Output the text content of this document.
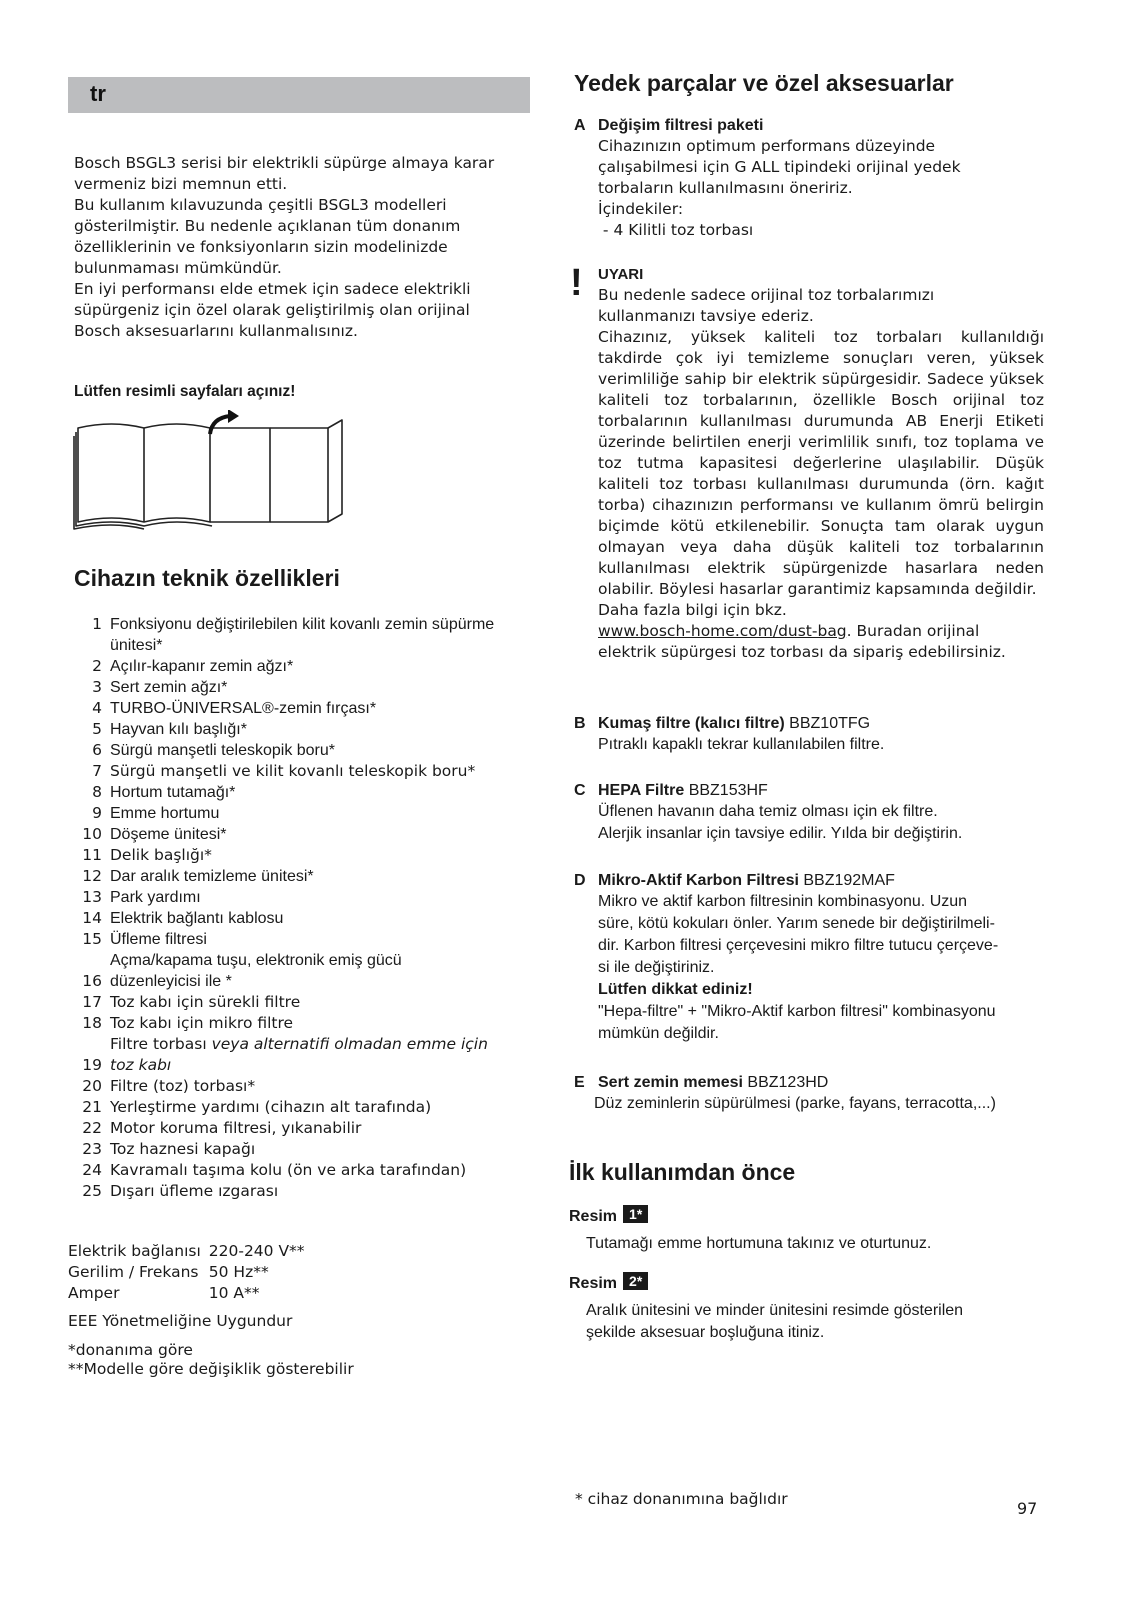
tr

Bosch BSGL3 serisi bir elektrikli süpürge almaya karar

vermeniz bizi memnun etti.

Bu kullanım kılavuzunda çeşitli BSGL3 modelleri

gösterilmiştir. Bu nedenle açıklanan tüm donanım

özelliklerinin ve fonksiyonların sizin modelinizde

bulunmaması mümkündür.

En iyi performansı elde etmek için sadece elektrikli

süpürgeniz için özel olarak geliştirilmiş olan orijinal

Bosch aksesuarlarını kullanmalısınız.

Lütfen resimli sayfaları açınız!
Cihazın teknik özellikleri
1 Fonksiyonu değiştirilebilen kilit kovanlı zemin süpürme
ünitesi*
2 Açılır-kapanır zemin ağzı*
3 Sert zemin ağzı*
4 TURBO-ÜNIVERSAL®-zemin fırçası*
5 Hayvan kılı başlığı*
6 Sürgü manşetli teleskopik boru*
7 Sürgü manşetli ve kilit kovanlı teleskopik boru*
8 Hortum tutamağı*
9 Emme hortumu
10 Döşeme ünitesi*
11 Delik başlığı*
12 Dar aralık temizleme ünitesi*
13 Park yardımı
14 Elektrik bağlantı kablosu
15 Üfleme filtresi
Açma/kapama tuşu, elektronik emiş gücü
16 düzenleyicisi ile *
17 Toz kabı için sürekli filtre
18 Toz kabı için mikro filtre
Filtre torbası veya alternatifi olmadan emme için
19 toz kabı
20 Filtre (toz) torbası*
21 Yerleştirme yardımı (cihazın alt tarafında)
22 Motor koruma filtresi, yıkanabilir
23 Toz haznesi kapağı
24 Kavramalı taşıma kolu (ön ve arka tarafından)
25 Dışarı üfleme ızgarası
Elektrik bağlanısı	220-240 V**
Gerilim / Frekans	50 Hz**
Amper	10 A**
EEE Yönetmeliğine Uygundur
*donanıma göre
**Modelle göre değişiklik gösterebilir
Yedek parçalar ve özel aksesuarlar
A Değişim filtresi paketi
Cihazınızın optimum performans düzeyinde
çalışabilmesi için G ALL tipindeki orijinal yedek
torbaların kullanılmasını öneririz.
İçindekiler:
- 4 Kilitli toz torbası
! UYARI
Bu nedenle sadece orijinal toz torbalarımızı
kullanmanızı tavsiye ederiz.
Cihazınız, yüksek kaliteli toz torbaları kullanıldığı takdirde çok iyi temizleme sonuçları veren, yüksek verimliliğe sahip bir elektrik süpürgesidir. Sadece yüksek kaliteli toz torbalarının, özellikle Bosch orijinal toz torbalarının kullanılması durumunda AB Enerji Etiketi üzerinde belirtilen enerji verimlilik sınıfı, toz toplama ve toz tutma kapasitesi değerlerine ulaşılabilir. Düşük kaliteli toz torbası kullanılması durumunda (örn. kağıt torba) cihazınızın performansı ve kullanım ömrü belirgin biçimde kötü etkilenebilir. Sonuçta tam olarak uygun olmayan veya daha düşük kaliteli toz torbalarının kullanılması elektrik süpürgenizde hasarlara neden olabilir. Böylesi hasarlar garantimiz kapsamında değildir.
Daha fazla bilgi için bkz.
www.bosch-home.com/dust-bag. Buradan orijinal
elektrik süpürgesi toz torbası da sipariş edebilirsiniz.
B Kumaş filtre (kalıcı filtre)
BBZ10TFG
Pıtraklı kapaklı tekrar kullanılabilen filtre.
C HEPA Filtre
BBZ153HF
Üflenen havanın daha temiz olması için ek filtre.
Alerjik insanlar için tavsiye edilir. Yılda bir değiştirin.
D Mikro-Aktif Karbon Filtresi
BBZ192MAF
Mikro ve aktif karbon filtresinin kombinasyonu. Uzun
süre, kötü kokuları önler. Yarım senede bir değiştirilmeli-
dir. Karbon filtresi çerçevesini mikro filtre tutucu çerçeve-
si ile değiştiriniz.
Lütfen dikkat ediniz!
"Hepa-filtre" + "Mikro-Aktif karbon filtresi" kombinasyonu
mümkün değildir.
E Sert zemin memesi
BBZ123HD
Düz zeminlerin süpürülmesi (parke, fayans, terracotta,...)
İlk kullanımdan önce
Resim 1*
Tutamağı emme hortumuna takınız ve oturtunuz.
Resim 2*
Aralık ünitesini ve minder ünitesini resimde gösterilen
şekilde aksesuar boşluğuna itiniz.
* cihaz donanımına bağlıdır	97
